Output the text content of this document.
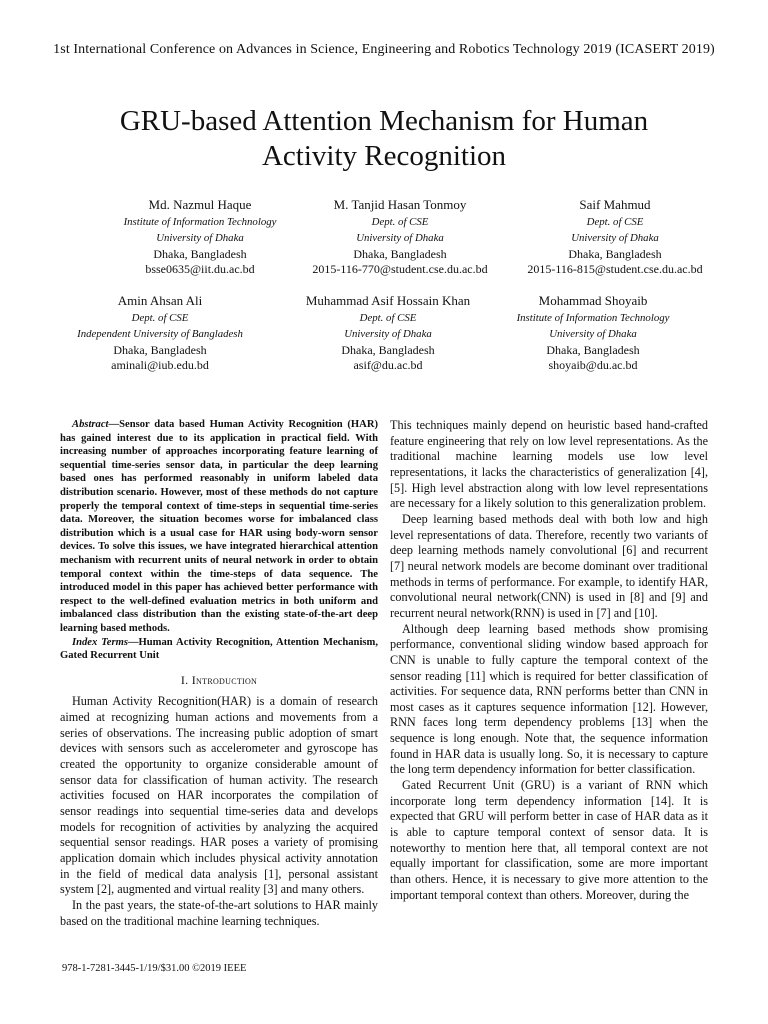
1st International Conference on Advances in Science, Engineering and Robotics Technology 2019 (ICASERT 2019)
GRU-based Attention Mechanism for Human
Activity Recognition
Md. Nazmul Haque
Institute of Information Technology
University of Dhaka
Dhaka, Bangladesh
bsse0635@iit.du.ac.bd
M. Tanjid Hasan Tonmoy
Dept. of CSE
University of Dhaka
Dhaka, Bangladesh
2015-116-770@student.cse.du.ac.bd
Saif Mahmud
Dept. of CSE
University of Dhaka
Dhaka, Bangladesh
2015-116-815@student.cse.du.ac.bd
Amin Ahsan Ali
Dept. of CSE
Independent University of Bangladesh
Dhaka, Bangladesh
aminali@iub.edu.bd
Muhammad Asif Hossain Khan
Dept. of CSE
University of Dhaka
Dhaka, Bangladesh
asif@du.ac.bd
Mohammad Shoyaib
Institute of Information Technology
University of Dhaka
Dhaka, Bangladesh
shoyaib@du.ac.bd

Abstract—Sensor data based Human Activity Recognition (HAR) has gained interest due to its application in practical field. With increasing number of approaches incorporating feature learning of sequential time-series sensor data, in particular the deep learning based ones has performed reasonably in uniform labeled data distribution scenario. However, most of these methods do not capture properly the temporal context of time-steps in sequential time-series data. Moreover, the situation becomes worse for imbalanced class distribution which is a usual case for HAR using body-worn sensor devices. To solve this issues, we have integrated hierarchical attention mechanism with recurrent units of neural network in order to obtain temporal context within the time-steps of data sequence. The introduced model in this paper has achieved better performance with respect to the well-defined evaluation metrics in both uniform and imbalanced class distribution than the existing state-of-the-art deep learning based methods.

Index Terms—Human Activity Recognition, Attention Mechanism, Gated Recurrent Unit

I. Introduction

Human Activity Recognition(HAR) is a domain of research aimed at recognizing human actions and movements from a series of observations. The increasing public adoption of smart devices with sensors such as accelerometer and gyroscope has created the opportunity to organize considerable amount of sensor data for classification of human activity. The research activities focused on HAR incorporates the compilation of sensor readings into sequential time-series data and develops models for recognition of activities by analyzing the acquired sequential sensor readings. HAR poses a variety of promising application domain which includes physical activity annotation in the field of medical data analysis [1], personal assistant system [2], augmented and virtual reality [3] and many others.

In the past years, the state-of-the-art solutions to HAR mainly based on the traditional machine learning techniques.

This techniques mainly depend on heuristic based hand-crafted feature engineering that rely on low level representations. As the traditional machine learning models use low level representations, it lacks the characteristics of generalization [4], [5]. High level abstraction along with low level representations are necessary for a likely solution to this generalization problem.

Deep learning based methods deal with both low and high level representations of data. Therefore, recently two variants of deep learning methods namely convolutional [6] and recurrent [7] neural network models are become dominant over traditional methods in terms of performance. For example, to identify HAR, convolutional neural network(CNN) is used in [8] and [9] and recurrent neural network(RNN) is used in [7] and [10].

Although deep learning based methods show promising performance, conventional sliding window based approach for CNN is unable to fully capture the temporal context of the sensor reading [11] which is required for better classification of activities. For sequence data, RNN performs better than CNN in most cases as it captures sequence information [12]. However, RNN faces long term dependency problems [13] when the sequence is long enough. Note that, the sequence information found in HAR data is usually long. So, it is necessary to capture the long term dependency information for better classification.

Gated Recurrent Unit (GRU) is a variant of RNN which incorporate long term dependency information [14]. It is expected that GRU will perform better in case of HAR data as it is able to capture temporal context of sensor data. It is noteworthy to mention here that, all temporal context are not equally important for classification, some are more important than others. Hence, it is necessary to give more attention to the important temporal context than others. Moreover, during the

978-1-7281-3445-1/19/$31.00 ©2019 IEEE
